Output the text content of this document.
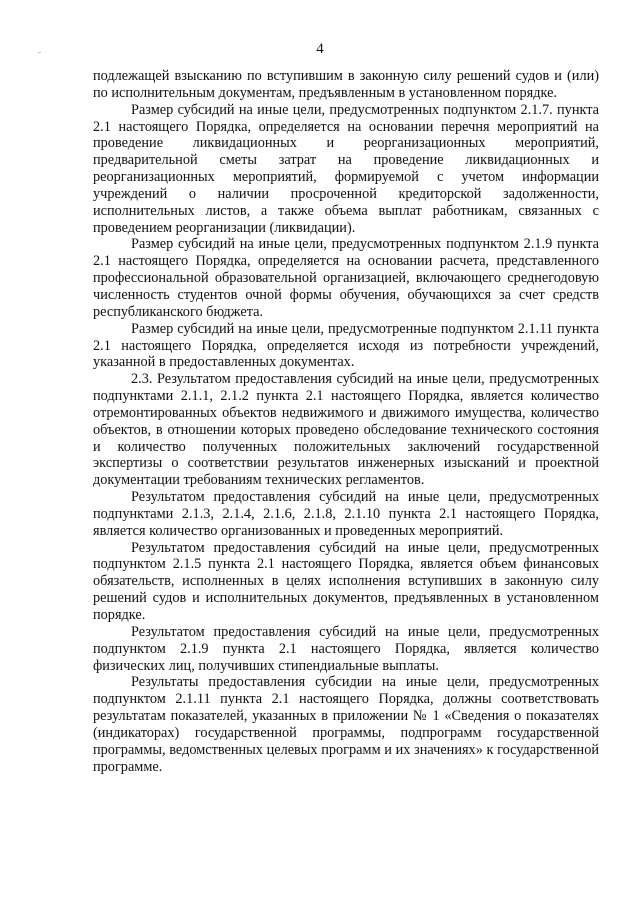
4

подлежащей взысканию по вступившим в законную силу решений судов и (или) по исполнительным документам, предъявленным в установленном порядке.

Размер субсидий на иные цели, предусмотренных подпунктом 2.1.7. пункта 2.1 настоящего Порядка, определяется на основании перечня мероприятий на проведение ликвидационных и реорганизационных мероприятий, предварительной сметы затрат на проведение ликвидационных и реорганизационных мероприятий, формируемой с учетом информации учреждений о наличии просроченной кредиторской задолженности, исполнительных листов, а также объема выплат работникам, связанных с проведением реорганизации (ликвидации).

Размер субсидий на иные цели, предусмотренных подпунктом 2.1.9 пункта 2.1 настоящего Порядка, определяется на основании расчета, представленного профессиональной образовательной организацией, включающего среднегодовую численность студентов очной формы обучения, обучающихся за счет средств республиканского бюджета.

Размер субсидий на иные цели, предусмотренные подпунктом 2.1.11 пункта 2.1 настоящего Порядка, определяется исходя из потребности учреждений, указанной в предоставленных документах.

2.3. Результатом предоставления субсидий на иные цели, предусмотренных подпунктами 2.1.1, 2.1.2 пункта 2.1 настоящего Порядка, является количество отремонтированных объектов недвижимого и движимого имущества, количество объектов, в отношении которых проведено обследование технического состояния и количество полученных положительных заключений государственной экспертизы о соответствии результатов инженерных изысканий и проектной документации требованиям технических регламентов.

Результатом предоставления субсидий на иные цели, предусмотренных подпунктами 2.1.3, 2.1.4, 2.1.6, 2.1.8, 2.1.10 пункта 2.1 настоящего Порядка, является количество организованных и проведенных мероприятий.

Результатом предоставления субсидий на иные цели, предусмотренных подпунктом 2.1.5 пункта 2.1 настоящего Порядка, является объем финансовых обязательств, исполненных в целях исполнения вступивших в законную силу решений судов и исполнительных документов, предъявленных в установленном порядке.

Результатом предоставления субсидий на иные цели, предусмотренных подпунктом 2.1.9 пункта 2.1 настоящего Порядка, является количество физических лиц, получивших стипендиальные выплаты.

Результаты предоставления субсидии на иные цели, предусмотренных подпунктом 2.1.11 пункта 2.1 настоящего Порядка, должны соответствовать результатам показателей, указанных в приложении № 1 «Сведения о показателях (индикаторах) государственной программы, подпрограмм государственной программы, ведомственных целевых программ и их значениях» к государственной программе.
